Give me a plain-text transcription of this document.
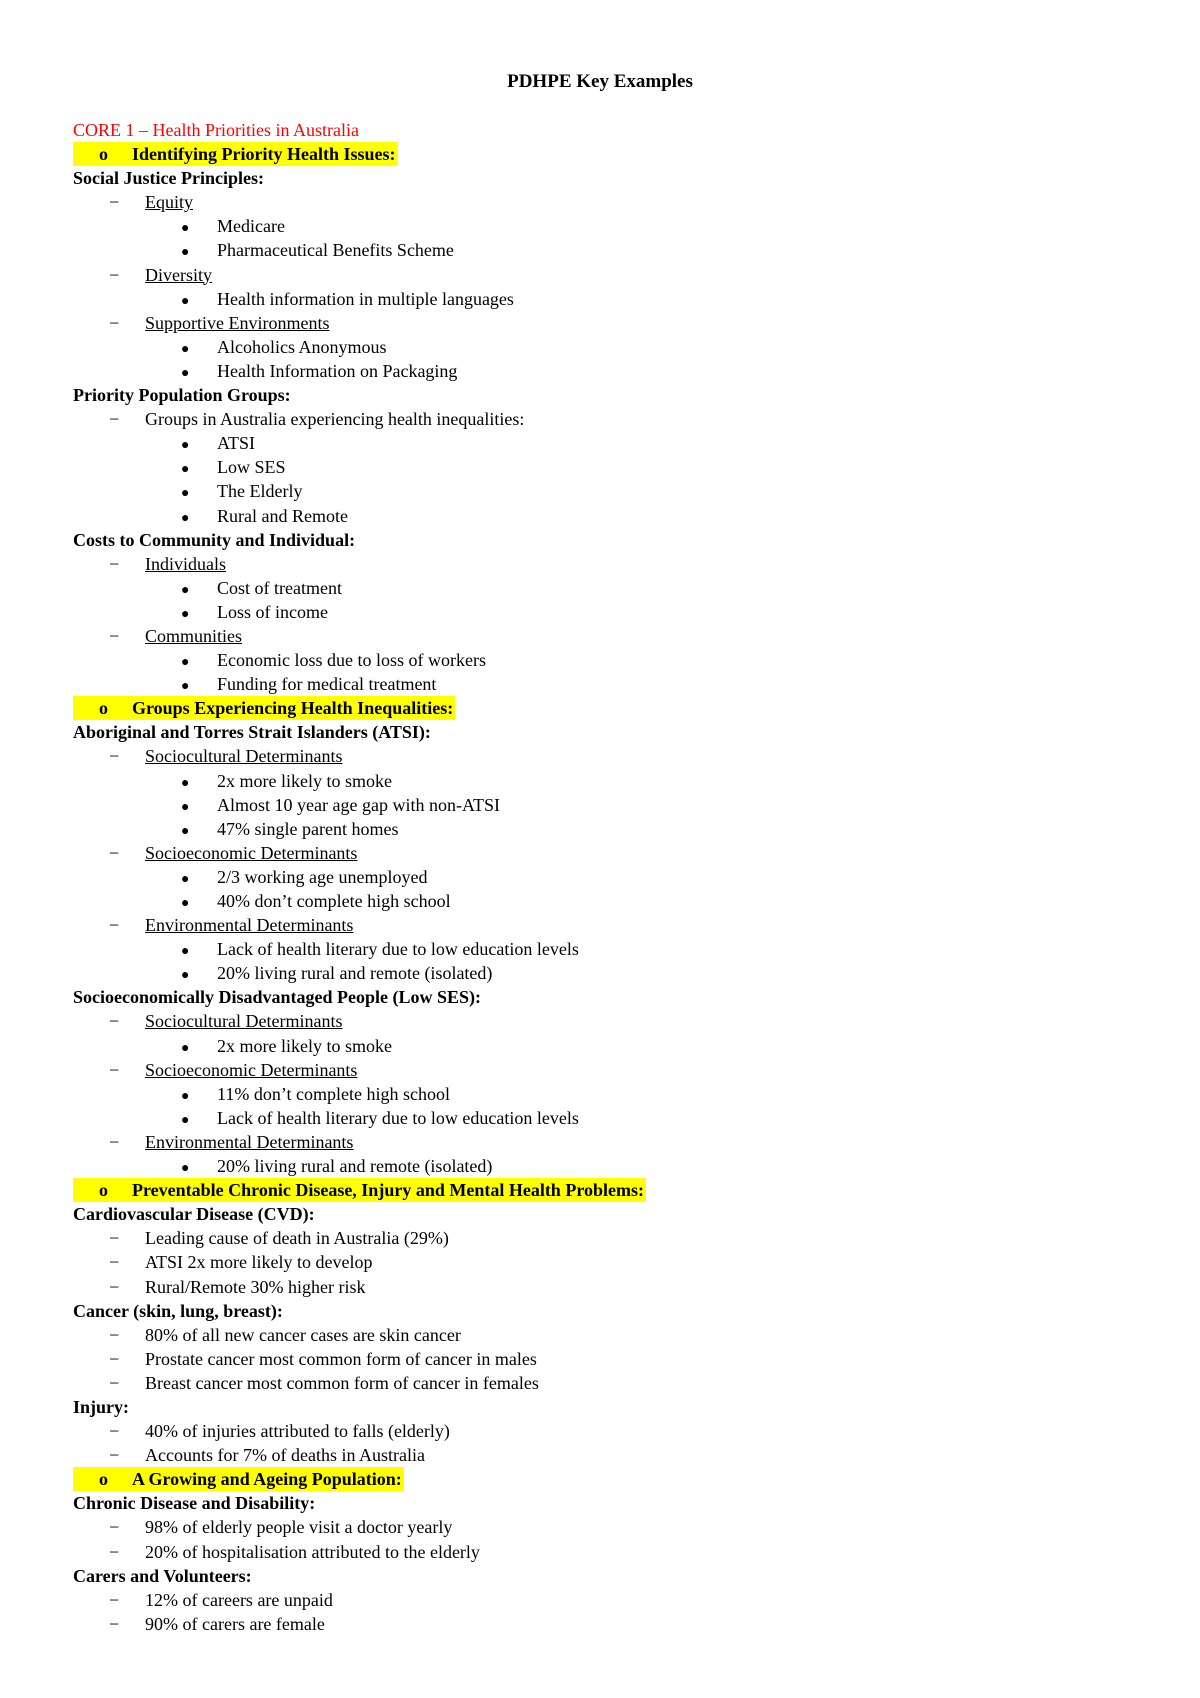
PDHPE Key Examples
CORE 1 – Health Priorities in Australia
o Identifying Priority Health Issues:
Social Justice Principles:
− Equity
● Medicare
● Pharmaceutical Benefits Scheme
− Diversity
● Health information in multiple languages
− Supportive Environments
● Alcoholics Anonymous
● Health Information on Packaging
Priority Population Groups:
− Groups in Australia experiencing health inequalities:
● ATSI
● Low SES
● The Elderly
● Rural and Remote
Costs to Community and Individual:
− Individuals
● Cost of treatment
● Loss of income
− Communities
● Economic loss due to loss of workers
● Funding for medical treatment
o Groups Experiencing Health Inequalities:
Aboriginal and Torres Strait Islanders (ATSI):
− Sociocultural Determinants
● 2x more likely to smoke
● Almost 10 year age gap with non-ATSI
● 47% single parent homes
− Socioeconomic Determinants
● 2/3 working age unemployed
● 40% don’t complete high school
− Environmental Determinants
● Lack of health literary due to low education levels
● 20% living rural and remote (isolated)
Socioeconomically Disadvantaged People (Low SES):
− Sociocultural Determinants
● 2x more likely to smoke
− Socioeconomic Determinants
● 11% don’t complete high school
● Lack of health literary due to low education levels
− Environmental Determinants
● 20% living rural and remote (isolated)
o Preventable Chronic Disease, Injury and Mental Health Problems:
Cardiovascular Disease (CVD):
− Leading cause of death in Australia (29%)
− ATSI 2x more likely to develop
− Rural/Remote 30% higher risk
Cancer (skin, lung, breast):
− 80% of all new cancer cases are skin cancer
− Prostate cancer most common form of cancer in males
− Breast cancer most common form of cancer in females
Injury:
− 40% of injuries attributed to falls (elderly)
− Accounts for 7% of deaths in Australia
o A Growing and Ageing Population:
Chronic Disease and Disability:
− 98% of elderly people visit a doctor yearly
− 20% of hospitalisation attributed to the elderly
Carers and Volunteers:
− 12% of careers are unpaid
− 90% of carers are female
